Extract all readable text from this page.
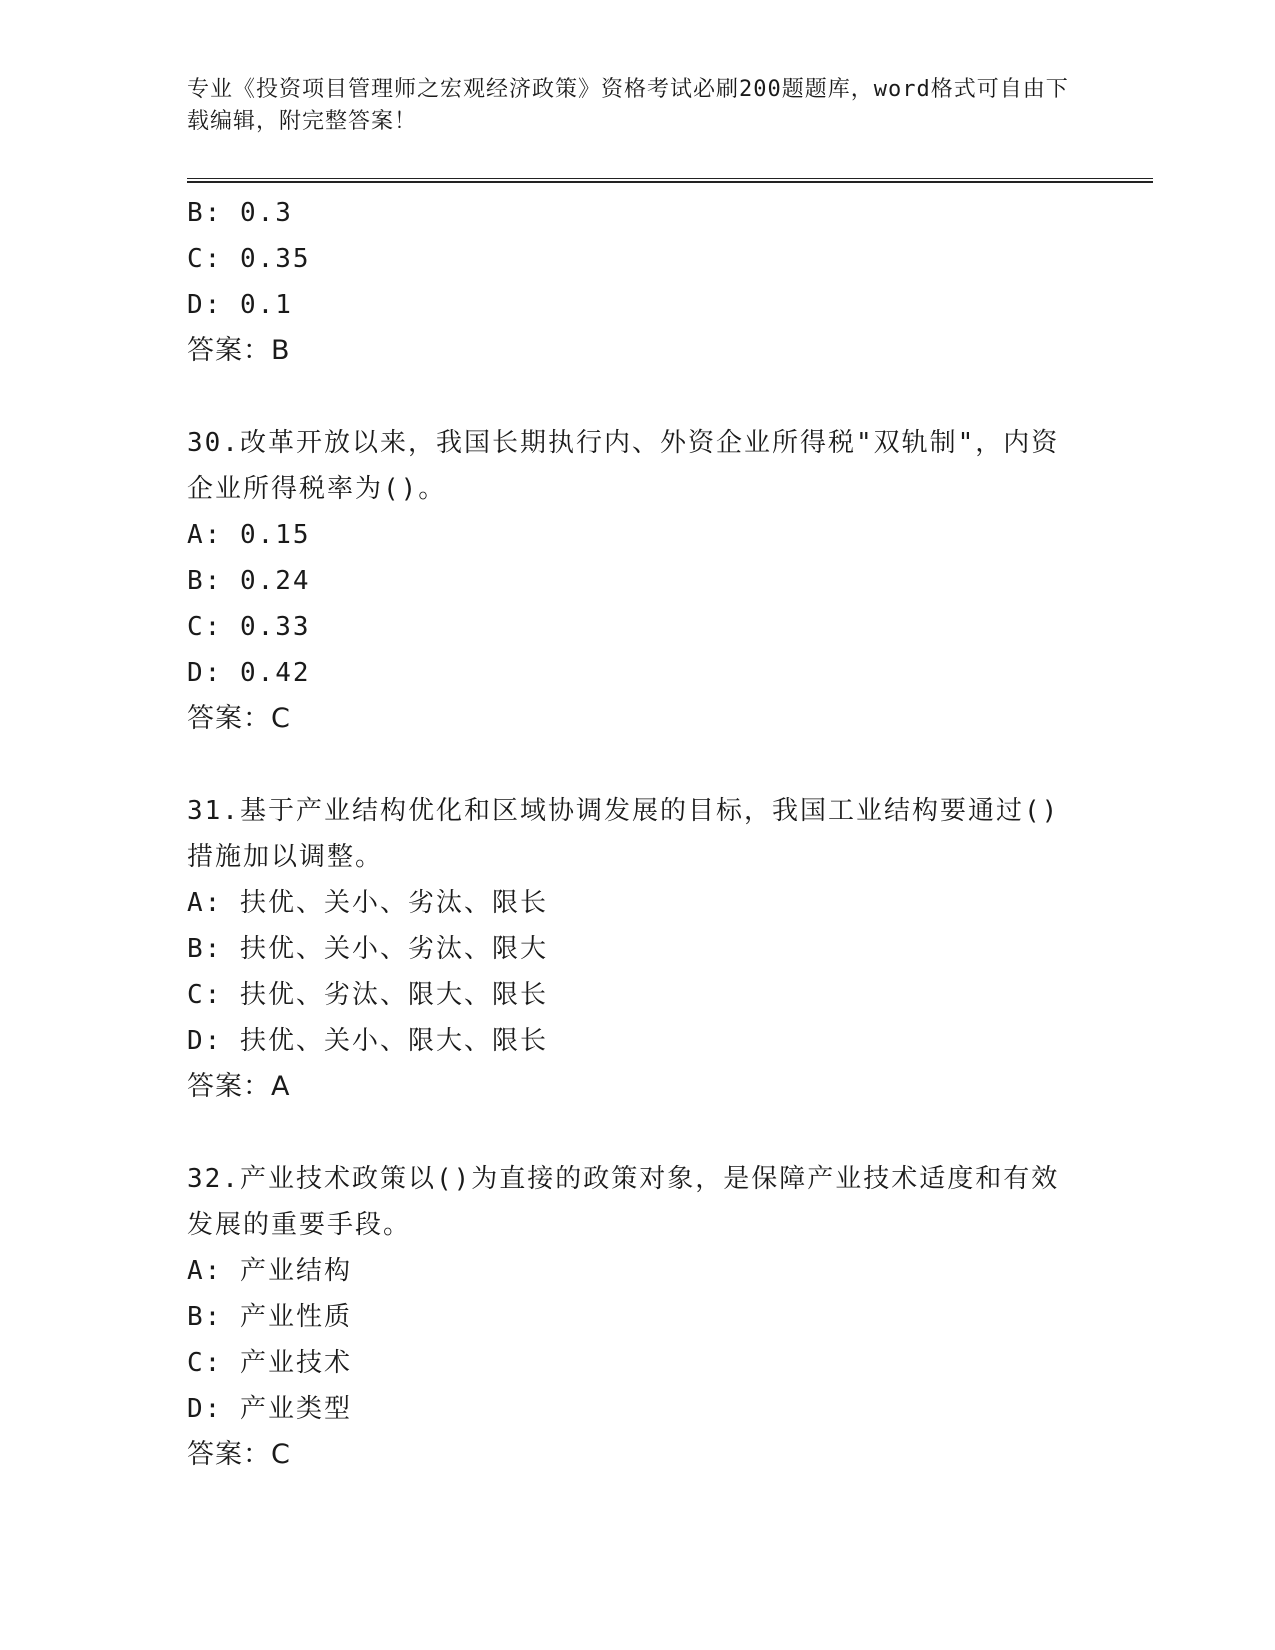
专业《投资项目管理师之宏观经济政策》资格考试必刷200题题库，word格式可自由下载编辑，附完整答案！
B: 0.3
C: 0.35
D: 0.1
答案：B
30.改革开放以来，我国长期执行内、外资企业所得税"双轨制"，内资企业所得税率为()。
A: 0.15
B: 0.24
C: 0.33
D: 0.42
答案：C
31.基于产业结构优化和区域协调发展的目标，我国工业结构要通过()措施加以调整。
A: 扶优、关小、劣汰、限长
B: 扶优、关小、劣汰、限大
C: 扶优、劣汰、限大、限长
D: 扶优、关小、限大、限长
答案：A
32.产业技术政策以()为直接的政策对象，是保障产业技术适度和有效发展的重要手段。
A: 产业结构
B: 产业性质
C: 产业技术
D: 产业类型
答案：C
